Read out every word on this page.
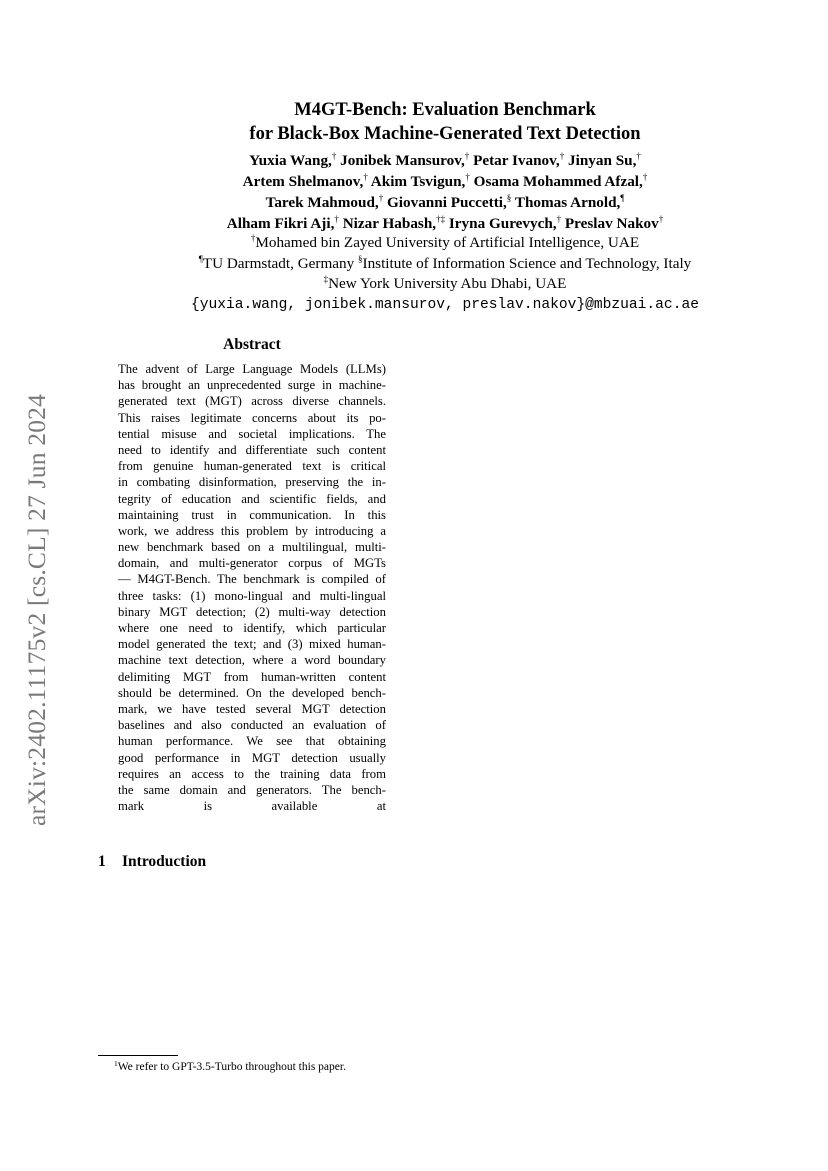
arXiv:2402.11175v2 [cs.CL] 27 Jun 2024
M4GT-Bench: Evaluation Benchmark
for Black-Box Machine-Generated Text Detection
Yuxia Wang,† Jonibek Mansurov,† Petar Ivanov,† Jinyan Su,†
Artem Shelmanov,† Akim Tsvigun,† Osama Mohammed Afzal,†
Tarek Mahmoud,† Giovanni Puccetti,§ Thomas Arnold,¶
Alham Fikri Aji,† Nizar Habash,†‡ Iryna Gurevych,† Preslav Nakov†
†Mohamed bin Zayed University of Artificial Intelligence, UAE
¶TU Darmstadt, Germany §Institute of Information Science and Technology, Italy
‡New York University Abu Dhabi, UAE
{yuxia.wang, jonibek.mansurov, preslav.nakov}@mbzuai.ac.ae
Abstract
The advent of Large Language Models (LLMs)
has brought an unprecedented surge in machine-
generated text (MGT) across diverse channels.
This raises legitimate concerns about its po-
tential misuse and societal implications. The
need to identify and differentiate such content
from genuine human-generated text is critical
in combating disinformation, preserving the in-
tegrity of education and scientific fields, and
maintaining trust in communication. In this
work, we address this problem by introducing a
new benchmark based on a multilingual, multi-
domain, and multi-generator corpus of MGTs
— M4GT-Bench. The benchmark is compiled of
three tasks: (1) mono-lingual and multi-lingual
binary MGT detection; (2) multi-way detection
where one need to identify, which particular
model generated the text; and (3) mixed human-
machine text detection, where a word boundary
delimiting MGT from human-written content
should be determined. On the developed bench-
mark, we have tested several MGT detection
baselines and also conducted an evaluation of
human performance. We see that obtaining
good performance in MGT detection usually
requires an access to the training data from
the same domain and generators. The bench-
mark is available at
1 Introduction
$^1$We refer to GPT-3.5-Turbo throughout this paper.
